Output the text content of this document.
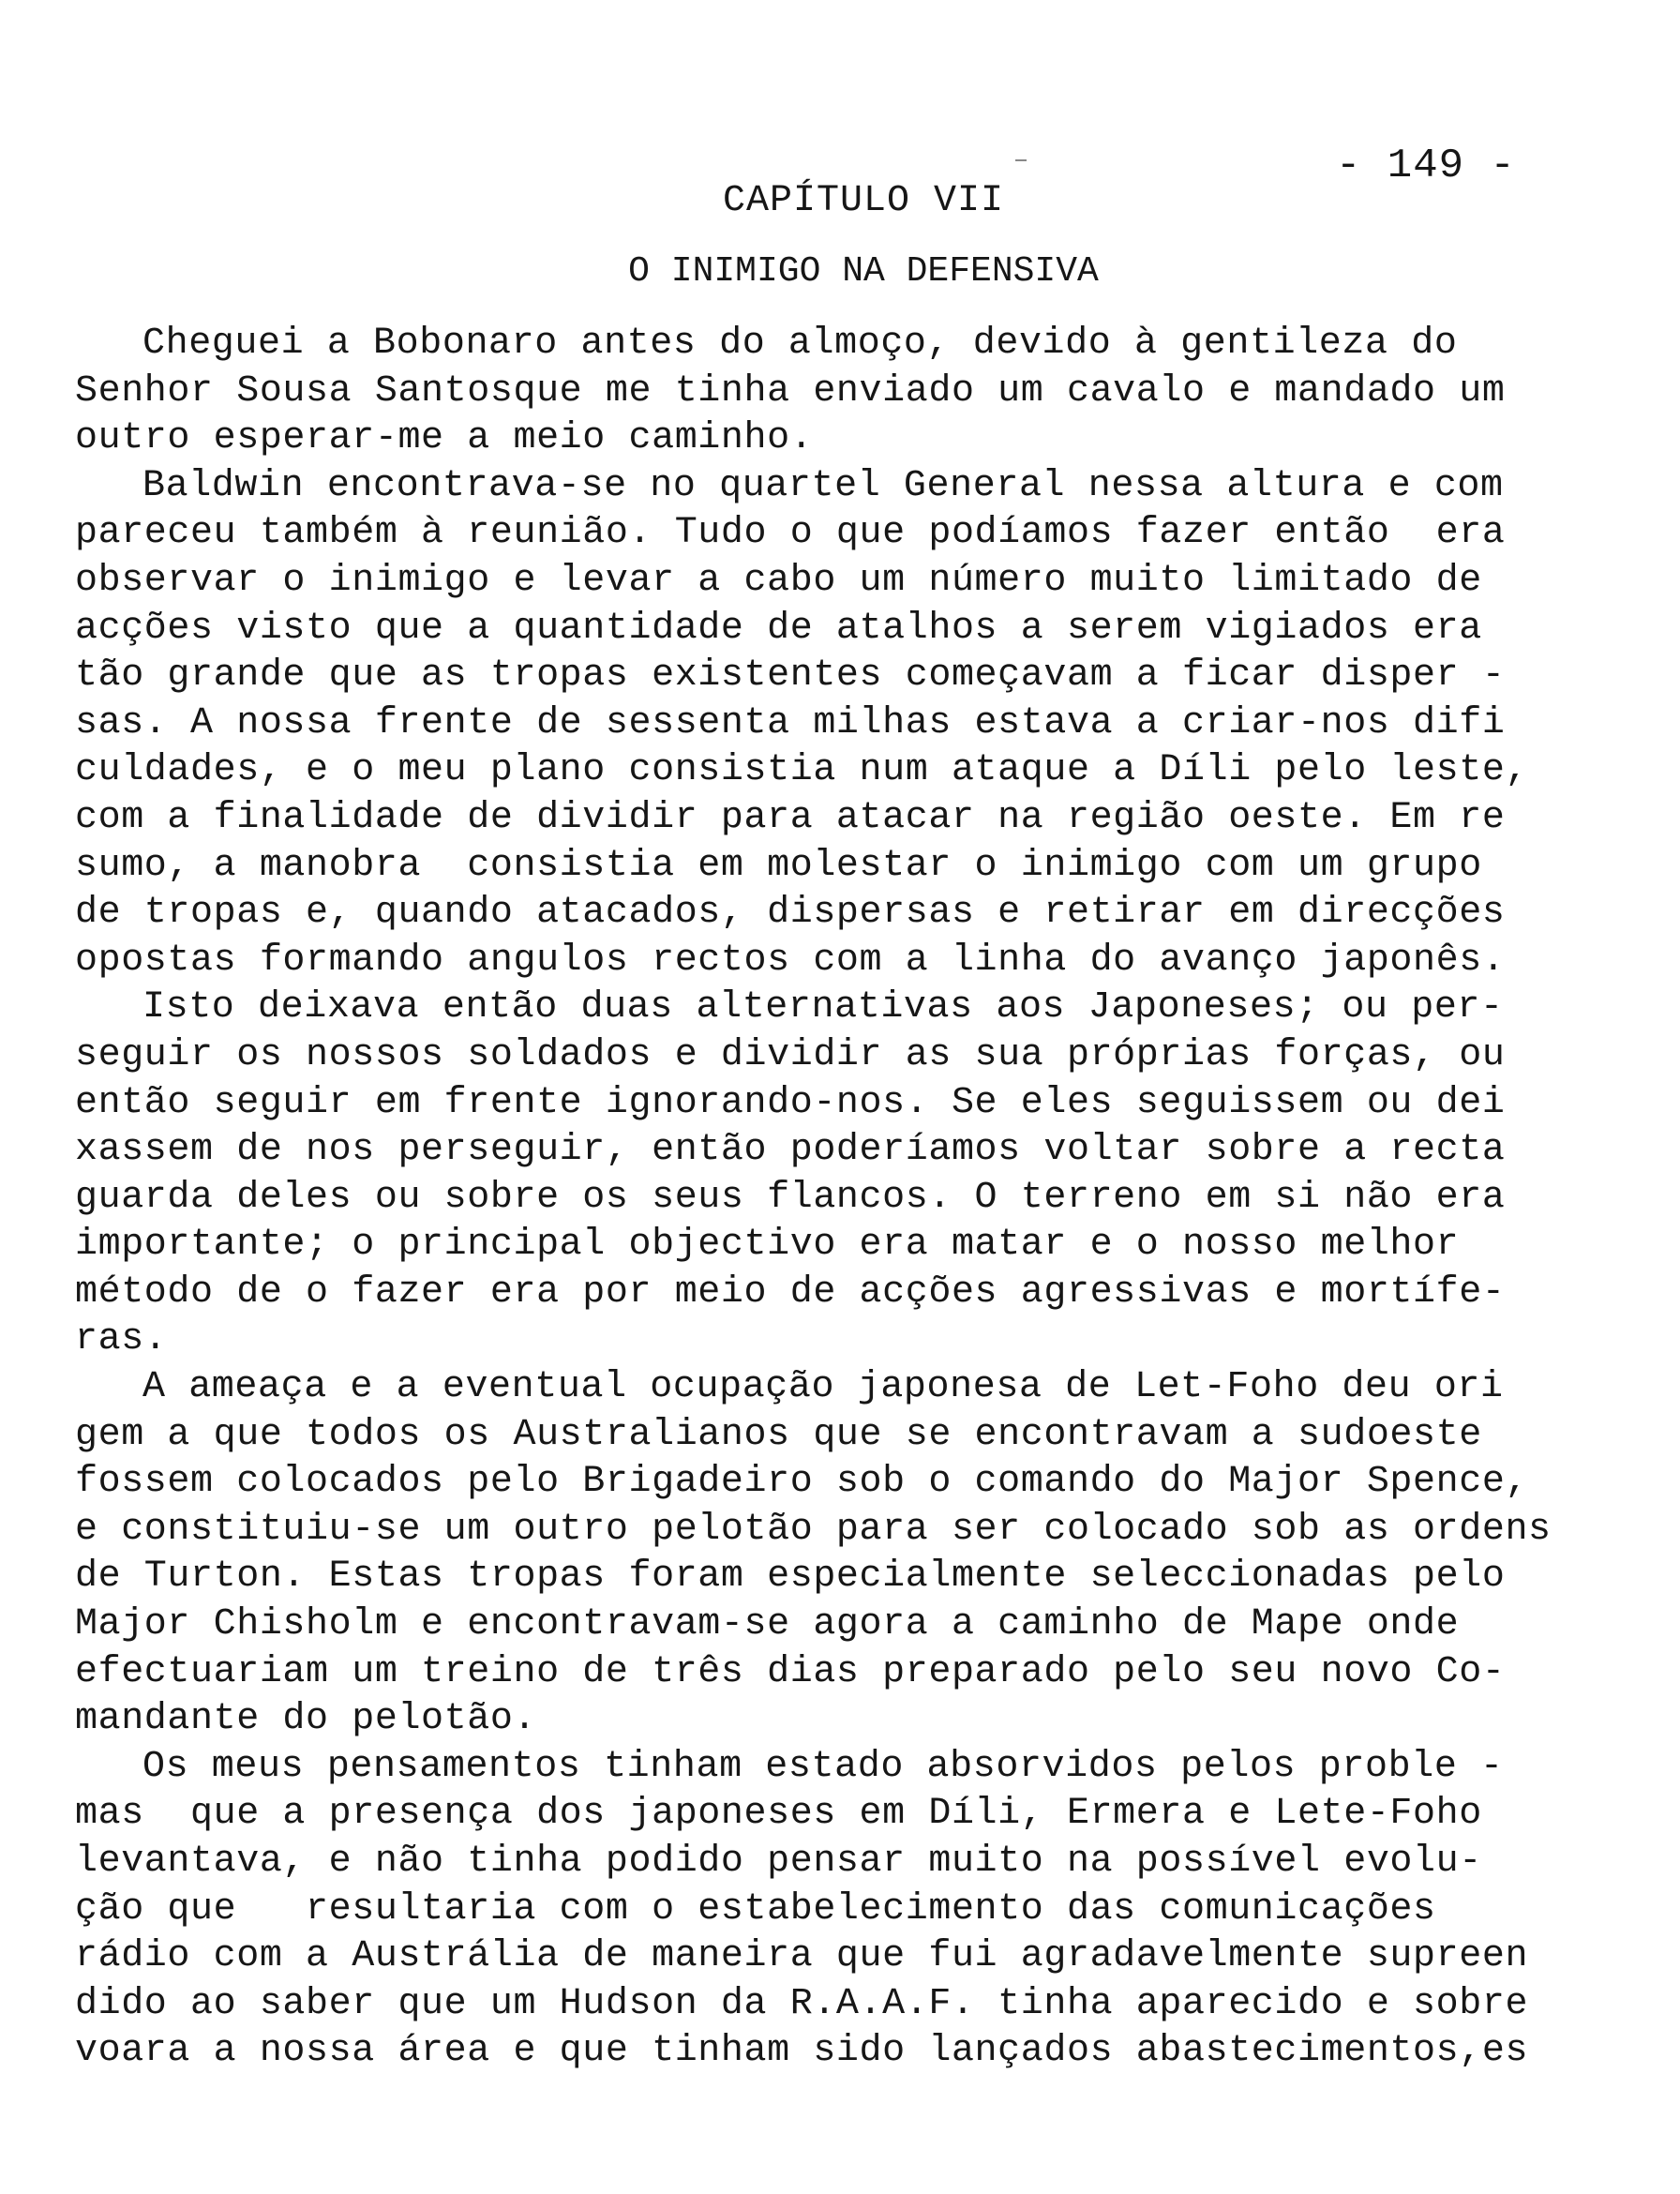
- 149 -
CAPÍTULO VII
O INIMIGO NA DEFENSIVA
Cheguei a Bobonaro antes do almoço, devido à gentileza do
Senhor Sousa Santosque me tinha enviado um cavalo e mandado um
outro esperar-me a meio caminho.
Baldwin encontrava-se no quartel General nessa altura e com
pareceu também à reunião. Tudo o que podíamos fazer então  era
observar o inimigo e levar a cabo um número muito limitado de
acções visto que a quantidade de atalhos a serem vigiados era
tão grande que as tropas existentes começavam a ficar disper -
sas. A nossa frente de sessenta milhas estava a criar-nos difi
culdades, e o meu plano consistia num ataque a Díli pelo leste,
com a finalidade de dividir para atacar na região oeste. Em re
sumo, a manobra  consistia em molestar o inimigo com um grupo
de tropas e, quando atacados, dispersas e retirar em direcções
opostas formando angulos rectos com a linha do avanço japonês.
Isto deixava então duas alternativas aos Japoneses; ou per-
seguir os nossos soldados e dividir as sua próprias forças, ou
então seguir em frente ignorando-nos. Se eles seguissem ou dei
xassem de nos perseguir, então poderíamos voltar sobre a recta
guarda deles ou sobre os seus flancos. O terreno em si não era
importante; o principal objectivo era matar e o nosso melhor
método de o fazer era por meio de acções agressivas e mortífe-
ras.
A ameaça e a eventual ocupação japonesa de Let-Foho deu ori
gem a que todos os Australianos que se encontravam a sudoeste
fossem colocados pelo Brigadeiro sob o comando do Major Spence,
e constituiu-se um outro pelotão para ser colocado sob as ordens
de Turton. Estas tropas foram especialmente seleccionadas pelo
Major Chisholm e encontravam-se agora a caminho de Mape onde
efectuariam um treino de três dias preparado pelo seu novo Co-
mandante do pelotão.
Os meus pensamentos tinham estado absorvidos pelos proble -
mas  que a presença dos japoneses em Díli, Ermera e Lete-Foho
levantava, e não tinha podido pensar muito na possível evolu-
ção que   resultaria com o estabelecimento das comunicações
rádio com a Austrália de maneira que fui agradavelmente supreen
dido ao saber que um Hudson da R.A.A.F. tinha aparecido e sobre
voara a nossa área e que tinham sido lançados abastecimentos,es
